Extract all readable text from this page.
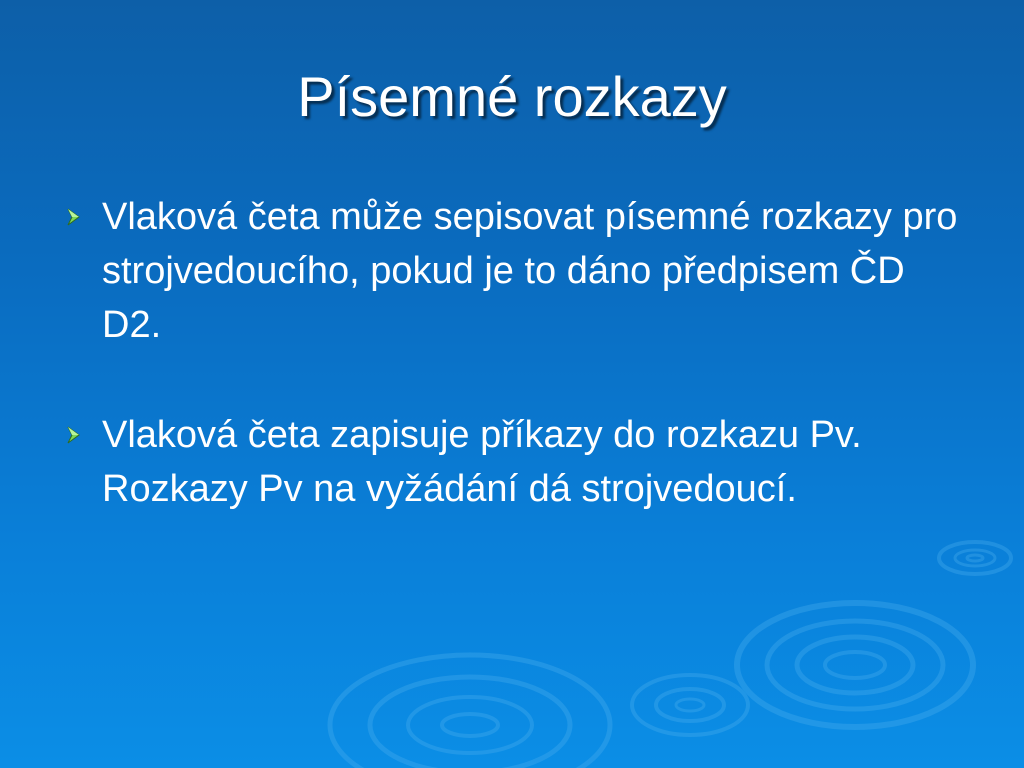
Písemné rozkazy
Vlaková četa může sepisovat písemné rozkazy pro strojvedoucího, pokud je to dáno předpisem ČD D2.
Vlaková četa zapisuje příkazy do rozkazu Pv. Rozkazy Pv na vyžádání dá strojvedoucí.
